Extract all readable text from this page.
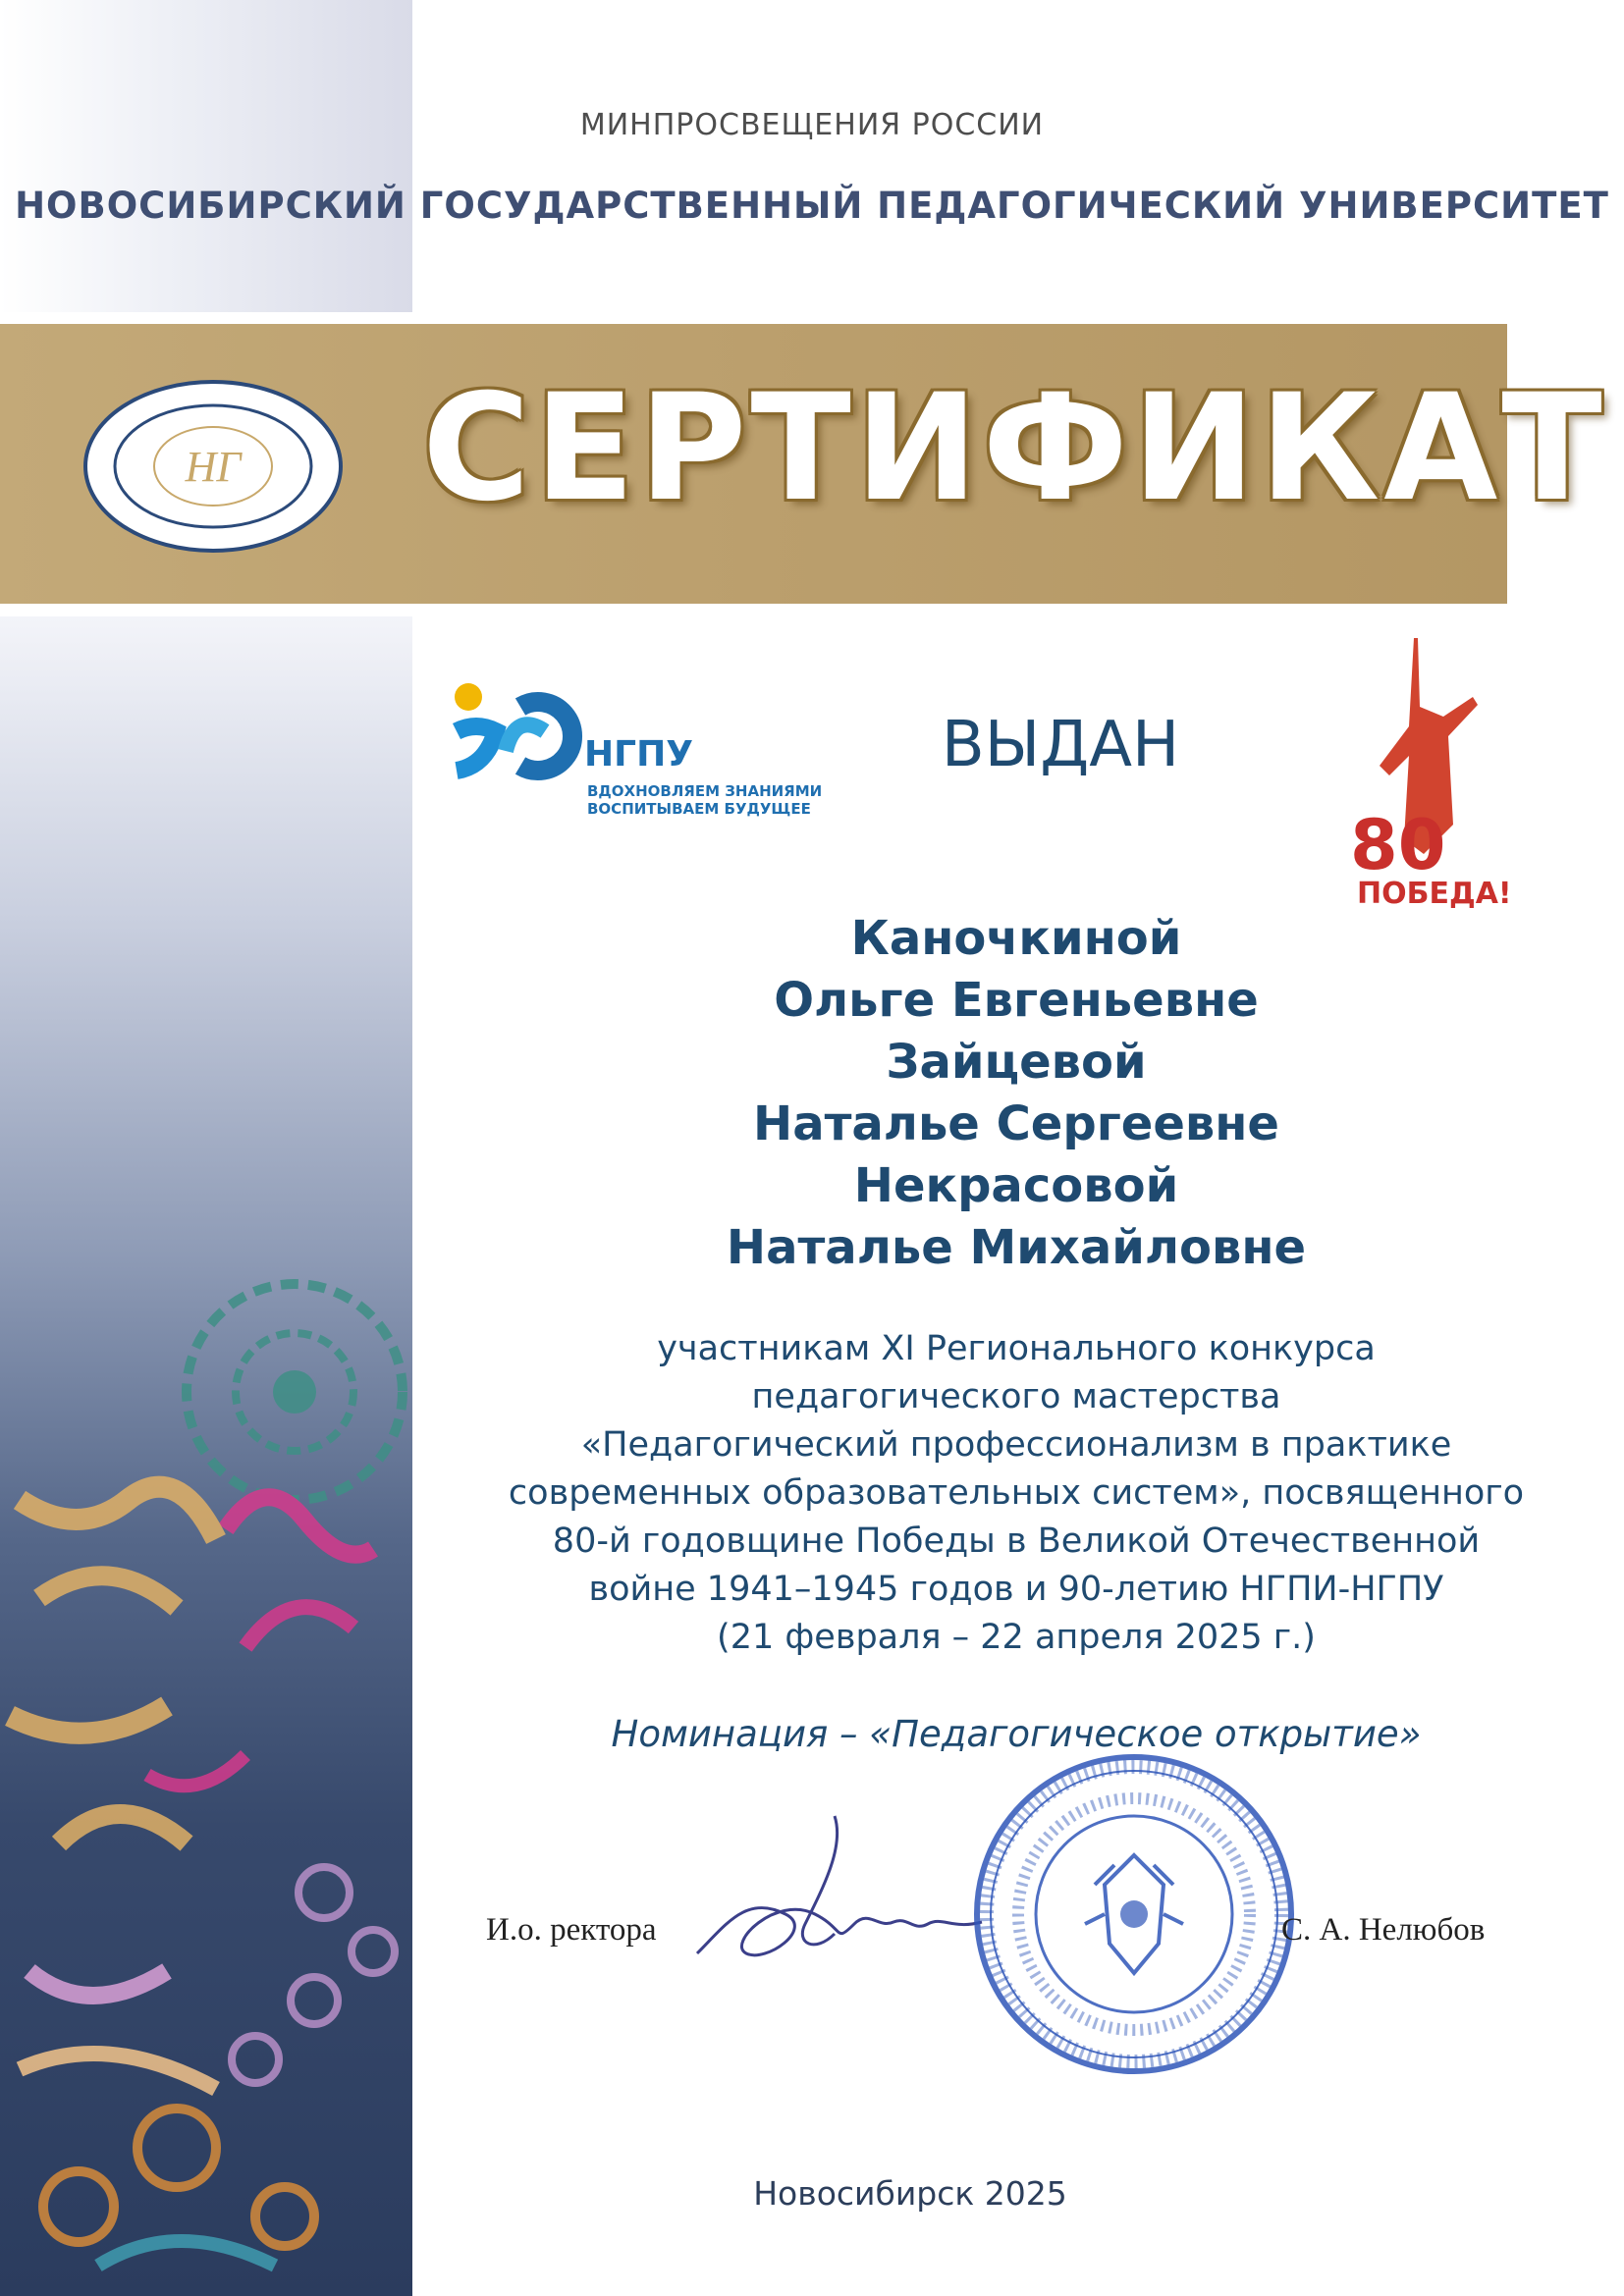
МИНПРОСВЕЩЕНИЯ РОССИИ
НОВОСИБИРСКИЙ ГОСУДАРСТВЕННЫЙ ПЕДАГОГИЧЕСКИЙ УНИВЕРСИТЕТ
НГ СЕРТИФИКАТ
НГПУ
ВДОХНОВЛЯЕМ ЗНАНИЯМИ
ВОСПИТЫВАЕМ БУДУЩЕЕ
ВЫДАН
80
ПОБЕДА!
Каночкиной
Ольге Евгеньевне
Зайцевой
Наталье Сергеевне
Некрасовой
Наталье Михайловне
участникам XI Регионального конкурса
педагогического мастерства
«Педагогический профессионализм в практике
современных образовательных систем», посвященного
80-й годовщине Победы в Великой Отечественной
войне 1941–1945 годов и 90-летию НГПИ-НГПУ
(21 февраля – 22 апреля 2025 г.)
Номинация – «Педагогическое открытие»
И.о. ректора	С. А. Нелюбов
Новосибирск 2025
